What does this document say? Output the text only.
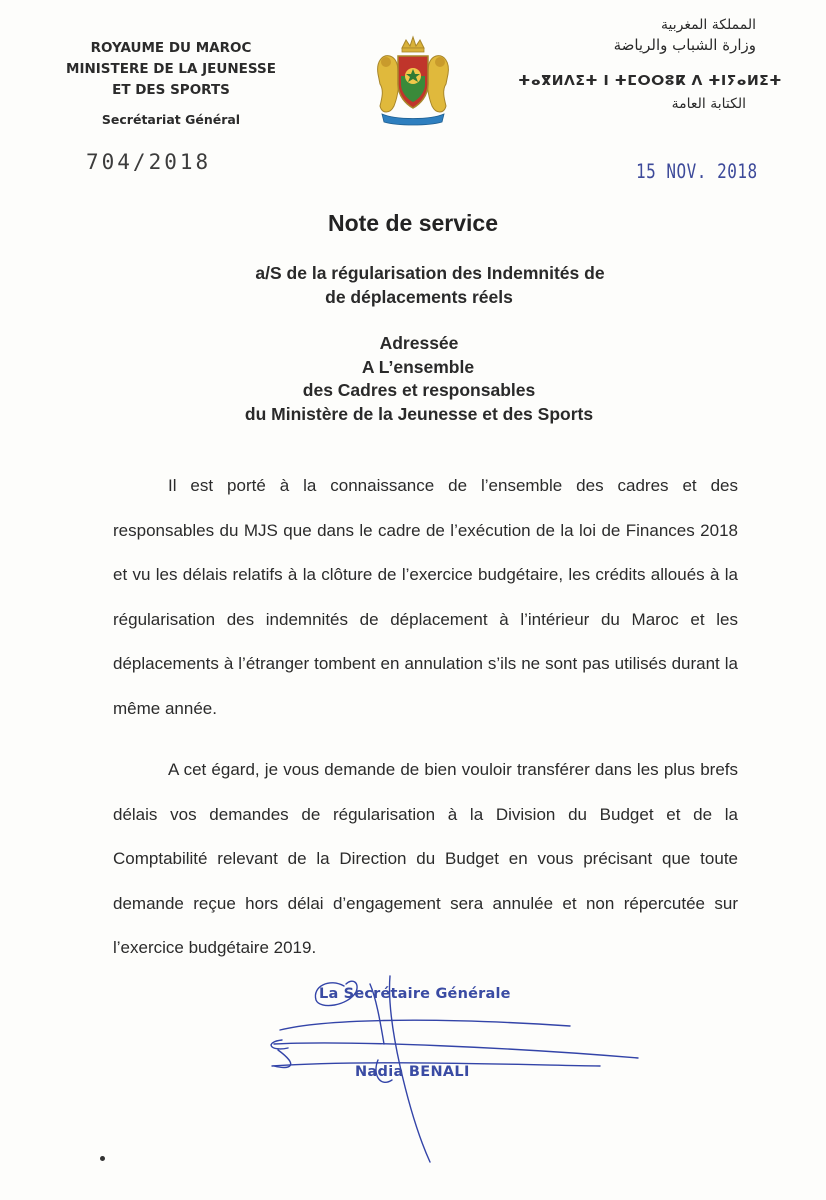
ROYAUME DU MAROC
MINISTERE DE LA JEUNESSE
ET DES SPORTS
Secrétariat Général
المملكة المغربية
وزارة الشباب والرياضة
ⵜⴰⴳⵍⴷⵉⵜ ⵏ ⵜⵎⵔⵔⵓⴽ ⴷ ⵜⵏⵢⴰⵍⵉⵜ
الكتابة العامة
704/2018	15 NOV. 2018
Note de service
a/S de la régularisation des Indemnités de
de déplacements réels
Adressée
A L’ensemble
des Cadres et responsables
du Ministère de la Jeunesse et des Sports

Il est porté à la connaissance de l’ensemble des cadres et des responsables du MJS que dans le cadre de l’exécution de la loi de Finances 2018 et vu les délais relatifs à la clôture de l’exercice budgétaire, les crédits alloués à la régularisation des indemnités de déplacement à l’intérieur du Maroc et les déplacements à l’étranger tombent en annulation s’ils ne sont pas utilisés durant la même année.

A cet égard, je vous demande de bien vouloir transférer dans les plus brefs délais vos demandes de régularisation à la Division du Budget et de la Comptabilité relevant de la Direction du Budget en vous précisant que toute demande reçue hors délai d’engagement sera annulée et non répercutée sur l’exercice budgétaire 2019.

La Secrétaire Générale
Nadia BENALI
